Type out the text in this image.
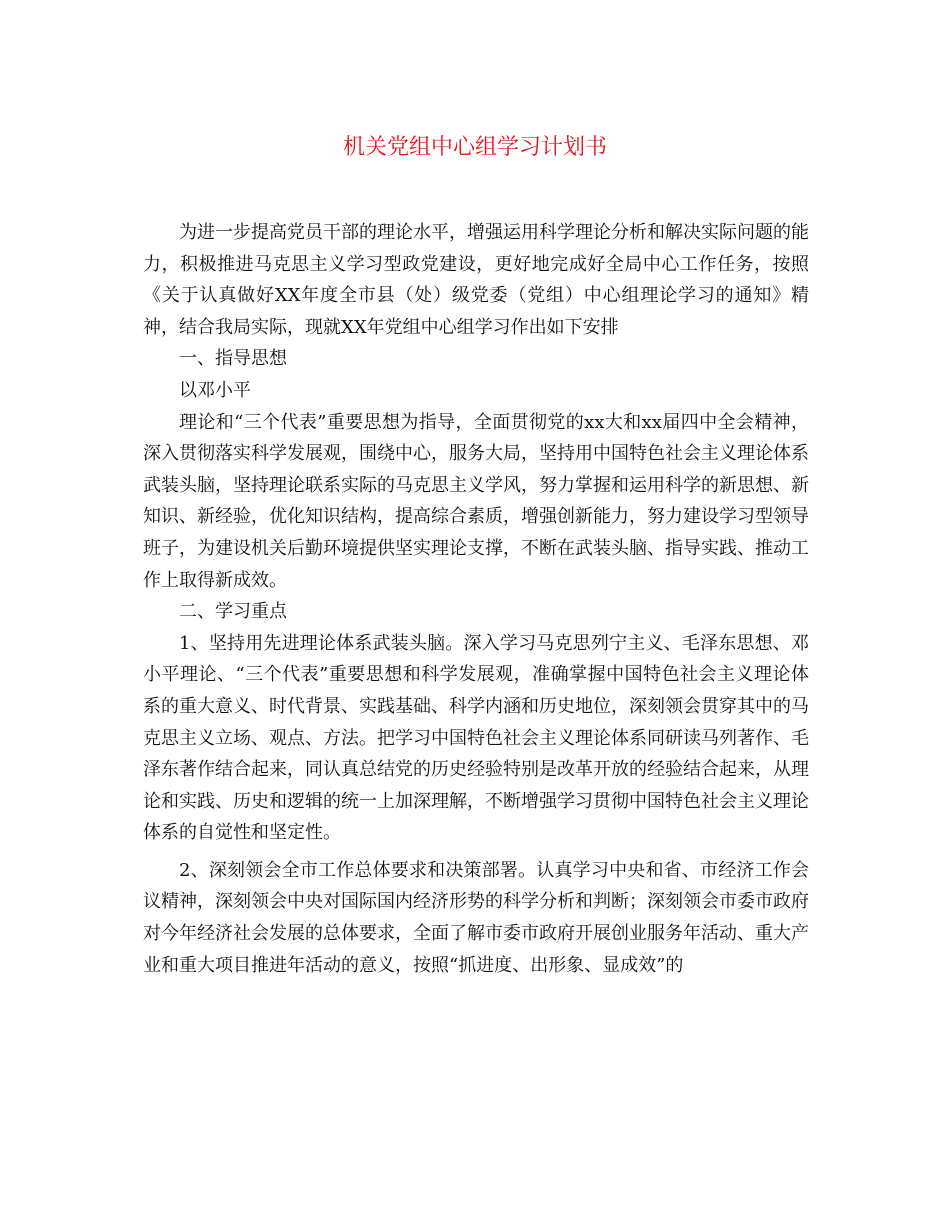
机关党组中心组学习计划书

为进一步提高党员干部的理论水平，增强运用科学理论分析和解决实际问题的能力，积极推进马克思主义学习型政党建设，更好地完成好全局中心工作任务，按照《关于认真做好XX年度全市县（处）级党委（党组）中心组理论学习的通知》精神，结合我局实际，现就XX年党组中心组学习作出如下安排

一、指导思想

以邓小平

理论和“三个代表”重要思想为指导，全面贯彻党的xx大和xx届四中全会精神，深入贯彻落实科学发展观，围绕中心，服务大局，坚持用中国特色社会主义理论体系武装头脑，坚持理论联系实际的马克思主义学风，努力掌握和运用科学的新思想、新知识、新经验，优化知识结构，提高综合素质，增强创新能力，努力建设学习型领导班子，为建设机关后勤环境提供坚实理论支撑，不断在武装头脑、指导实践、推动工作上取得新成效。

二、学习重点

1、坚持用先进理论体系武装头脑。深入学习马克思列宁主义、毛泽东思想、邓小平理论、“三个代表”重要思想和科学发展观，准确掌握中国特色社会主义理论体系的重大意义、时代背景、实践基础、科学内涵和历史地位，深刻领会贯穿其中的马克思主义立场、观点、方法。把学习中国特色社会主义理论体系同研读马列著作、毛泽东著作结合起来，同认真总结党的历史经验特别是改革开放的经验结合起来，从理论和实践、历史和逻辑的统一上加深理解，不断增强学习贯彻中国特色社会主义理论体系的自觉性和坚定性。

2、深刻领会全市工作总体要求和决策部署。认真学习中央和省、市经济工作会议精神，深刻领会中央对国际国内经济形势的科学分析和判断；深刻领会市委市政府对今年经济社会发展的总体要求，全面了解市委市政府开展创业服务年活动、重大产业和重大项目推进年活动的意义，按照“抓进度、出形象、显成效”的
